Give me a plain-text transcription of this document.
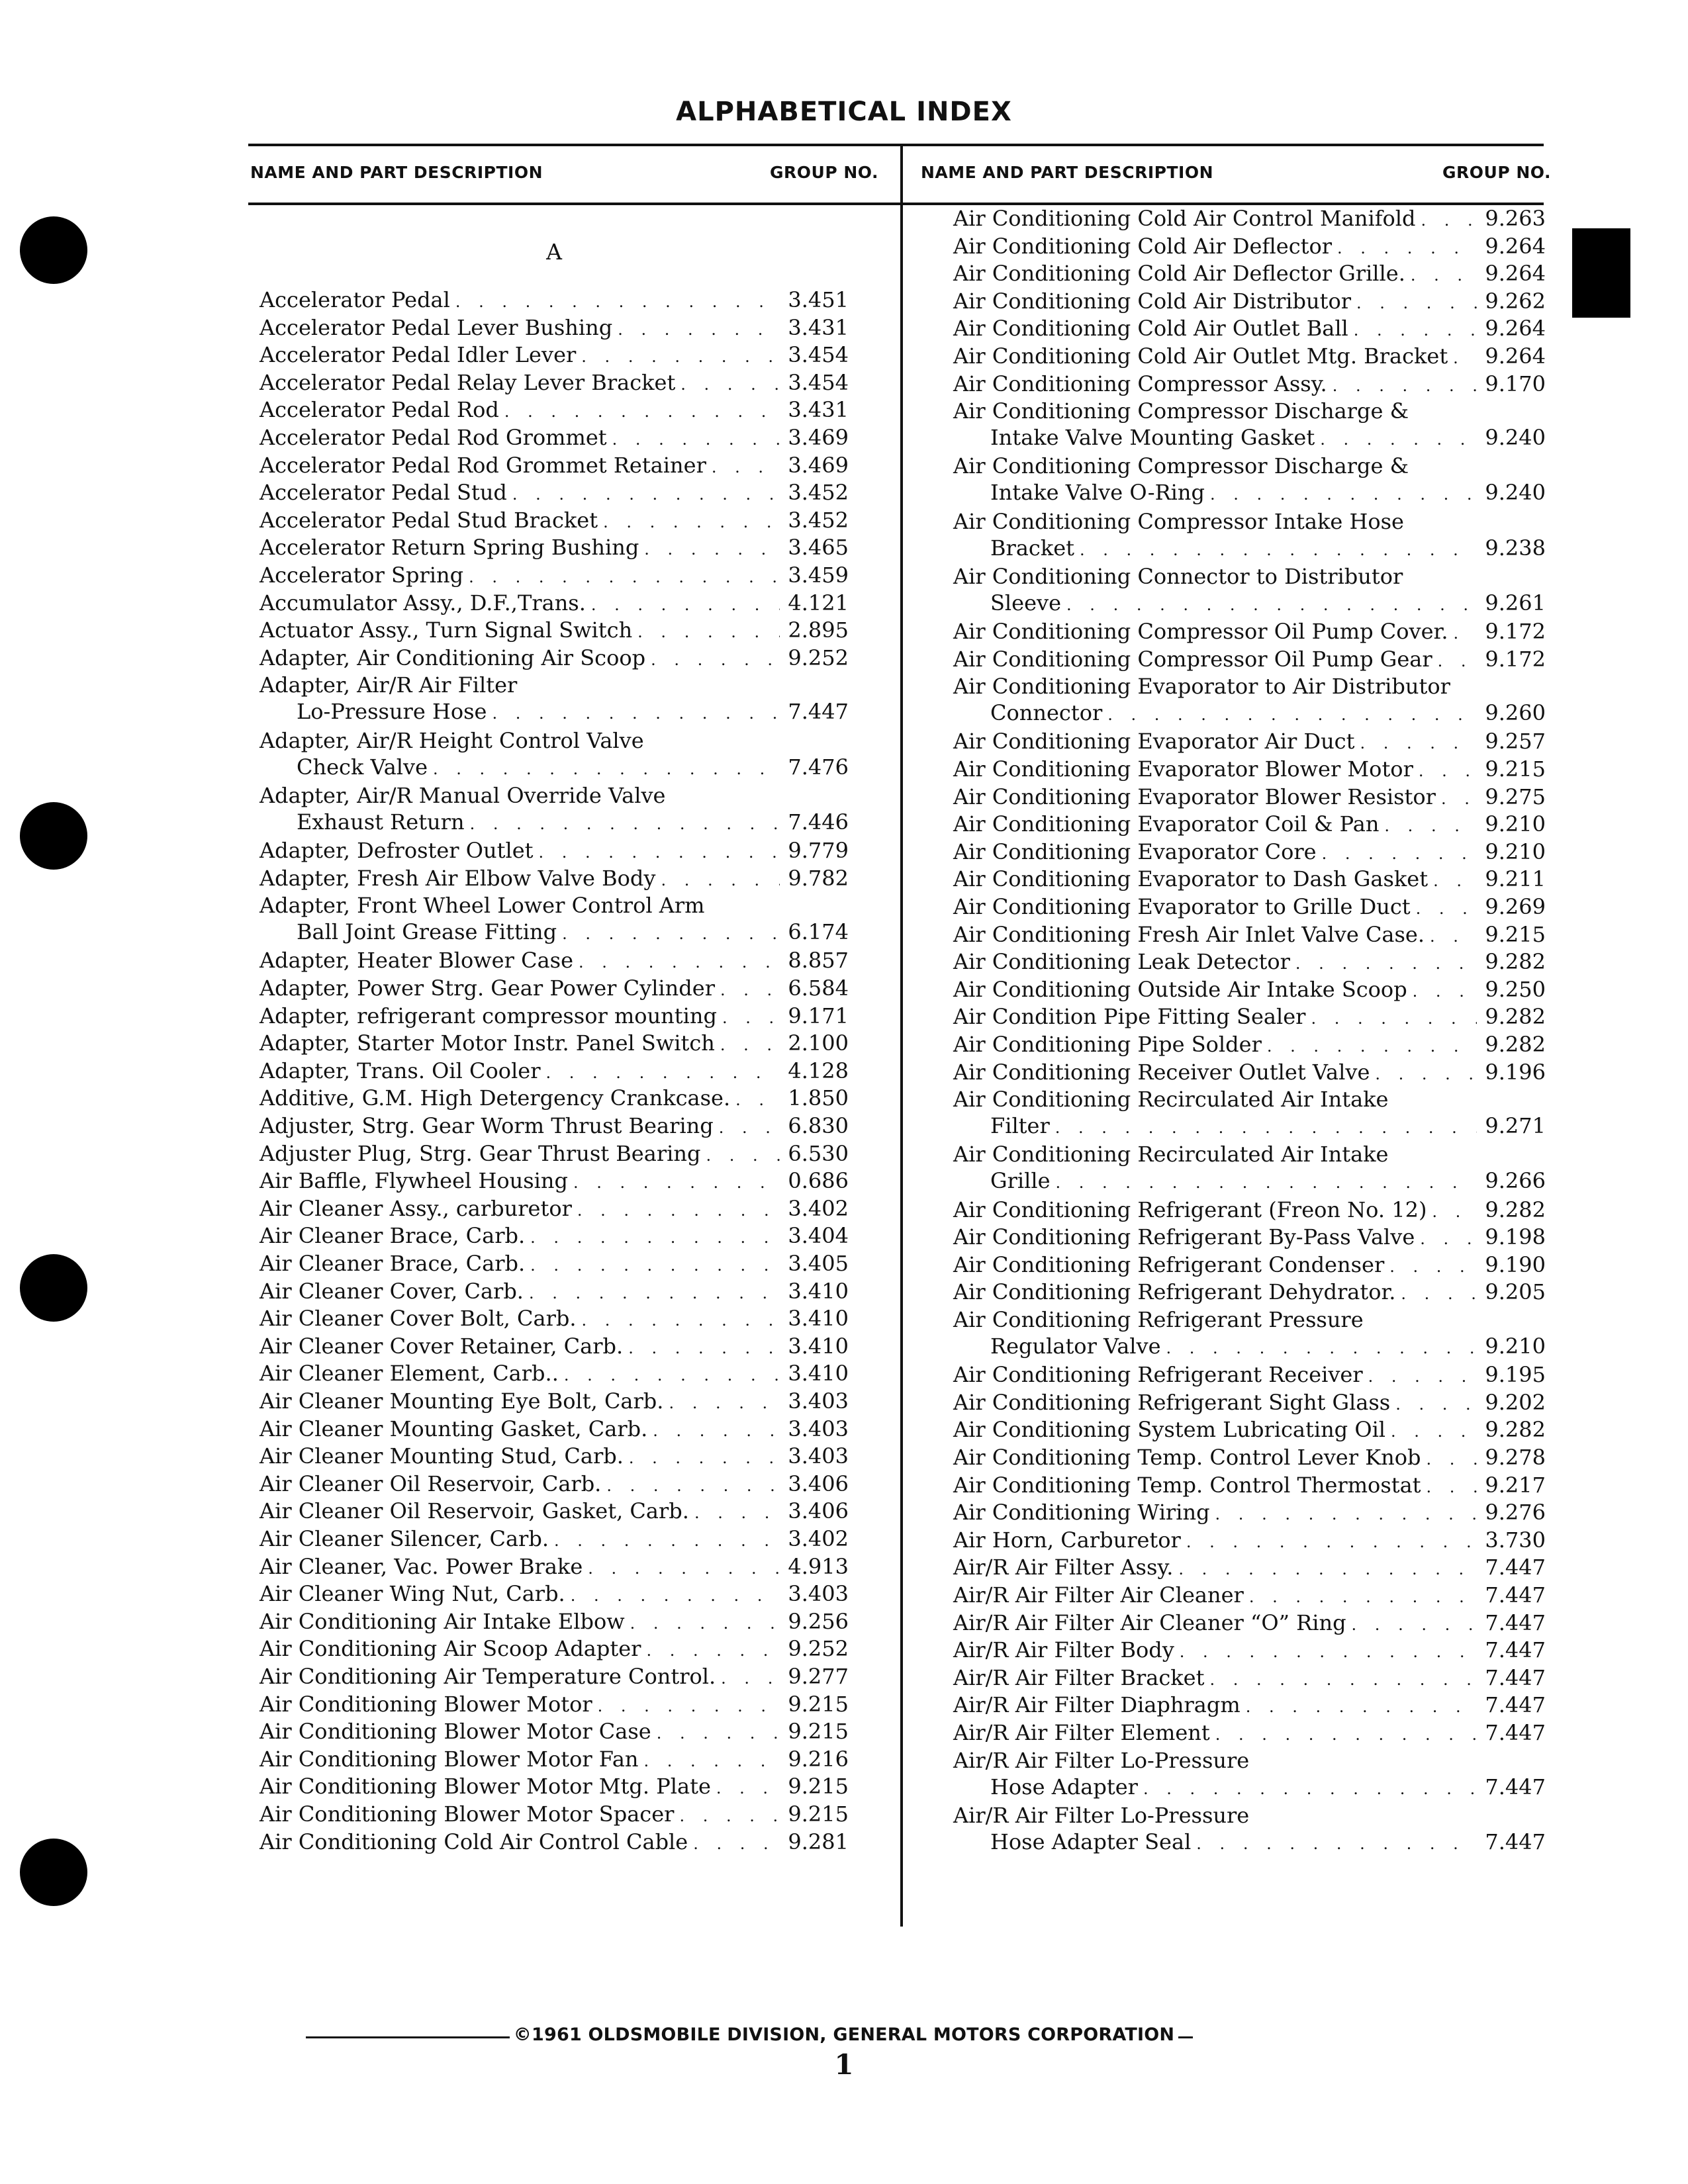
ALPHABETICAL INDEX
NAME AND PART DESCRIPTION	GROUP NO.	NAME AND PART DESCRIPTION	GROUP NO.

A

Accelerator Pedal . . .	3.451
Accelerator Pedal Lever Bushing . . .	3.431
Accelerator Pedal Idler Lever . . .	3.454
Accelerator Pedal Relay Lever Bracket . . .	3.454
Accelerator Pedal Rod . . .	3.431
Accelerator Pedal Rod Grommet . . .	3.469
Accelerator Pedal Rod Grommet Retainer . . .	3.469
Accelerator Pedal Stud . . .	3.452
Accelerator Pedal Stud Bracket . . .	3.452
Accelerator Return Spring Bushing . . .	3.465
Accelerator Spring . . .	3.459
Accumulator Assy., D.F.,Trans. . . .	4.121
Actuator Assy., Turn Signal Switch . . .	2.895
Adapter, Air Conditioning Air Scoop . . .	9.252
Adapter, Air/R Air Filter
Lo-Pressure Hose . . .	7.447
Adapter, Air/R Height Control Valve
Check Valve . . .	7.476
Adapter, Air/R Manual Override Valve
Exhaust Return . . .	7.446
Adapter, Defroster Outlet . . .	9.779
Adapter, Fresh Air Elbow Valve Body . . .	9.782
Adapter, Front Wheel Lower Control Arm
Ball Joint Grease Fitting . . .	6.174
Adapter, Heater Blower Case . . .	8.857
Adapter, Power Strg. Gear Power Cylinder . . .	6.584
Adapter, refrigerant compressor mounting . . .	9.171
Adapter, Starter Motor Instr. Panel Switch . . .	2.100
Adapter, Trans. Oil Cooler . . .	4.128
Additive, G.M. High Detergency Crankcase. . . .	1.850
Adjuster, Strg. Gear Worm Thrust Bearing . . .	6.830
Adjuster Plug, Strg. Gear Thrust Bearing . . .	6.530
Air Baffle, Flywheel Housing . . .	0.686
Air Cleaner Assy., carburetor . . .	3.402
Air Cleaner Brace, Carb. . . .	3.404
Air Cleaner Brace, Carb. . . .	3.405
Air Cleaner Cover, Carb. . . .	3.410
Air Cleaner Cover Bolt, Carb. . . .	3.410
Air Cleaner Cover Retainer, Carb. . . .	3.410
Air Cleaner Element, Carb.. . . .	3.410
Air Cleaner Mounting Eye Bolt, Carb. . . .	3.403
Air Cleaner Mounting Gasket, Carb. . . .	3.403
Air Cleaner Mounting Stud, Carb. . . .	3.403
Air Cleaner Oil Reservoir, Carb. . . .	3.406
Air Cleaner Oil Reservoir, Gasket, Carb. . . .	3.406
Air Cleaner Silencer, Carb. . . .	3.402
Air Cleaner, Vac. Power Brake . . .	4.913
Air Cleaner Wing Nut, Carb. . . .	3.403
Air Conditioning Air Intake Elbow . . .	9.256
Air Conditioning Air Scoop Adapter . . .	9.252
Air Conditioning Air Temperature Control. . . .	9.277
Air Conditioning Blower Motor . . .	9.215
Air Conditioning Blower Motor Case . . .	9.215
Air Conditioning Blower Motor Fan . . .	9.216
Air Conditioning Blower Motor Mtg. Plate . . .	9.215
Air Conditioning Blower Motor Spacer . . .	9.215
Air Conditioning Cold Air Control Cable . . .	9.281
Air Conditioning Cold Air Control Manifold . . .	9.263
Air Conditioning Cold Air Deflector . . .	9.264
Air Conditioning Cold Air Deflector Grille. . . .	9.264
Air Conditioning Cold Air Distributor . . .	9.262
Air Conditioning Cold Air Outlet Ball . . .	9.264
Air Conditioning Cold Air Outlet Mtg. Bracket . . . 9.264
Air Conditioning Compressor Assy. . . .	9.170
Air Conditioning Compressor Discharge &
Intake Valve Mounting Gasket . . .	9.240
Air Conditioning Compressor Discharge &
Intake Valve O-Ring . . .	9.240
Air Conditioning Compressor Intake Hose
Bracket . . .	9.238
Air Conditioning Connector to Distributor
Sleeve . . .	9.261
Air Conditioning Compressor Oil Pump Cover. . . . 9.172
Air Conditioning Compressor Oil Pump Gear . . . 9.172
Air Conditioning Evaporator to Air Distributor
Connector . . .	9.260
Air Conditioning Evaporator Air Duct . . .	9.257
Air Conditioning Evaporator Blower Motor . . .	9.215
Air Conditioning Evaporator Blower Resistor . . . 9.275
Air Conditioning Evaporator Coil & Pan . . .	9.210
Air Conditioning Evaporator Core . . .	9.210
Air Conditioning Evaporator to Dash Gasket . . .	9.211
Air Conditioning Evaporator to Grille Duct . . .	9.269
Air Conditioning Fresh Air Inlet Valve Case. . . .	9.215
Air Conditioning Leak Detector . . .	9.282
Air Conditioning Outside Air Intake Scoop . . .	9.250
Air Condition Pipe Fitting Sealer . . .	9.282
Air Conditioning Pipe Solder . . .	9.282
Air Conditioning Receiver Outlet Valve . . .	9.196
Air Conditioning Recirculated Air Intake
Filter . . .	9.271
Air Conditioning Recirculated Air Intake
Grille . . .	9.266
Air Conditioning Refrigerant (Freon No. 12) . . .	9.282
Air Conditioning Refrigerant By-Pass Valve . . .	9.198
Air Conditioning Refrigerant Condenser . . .	9.190
Air Conditioning Refrigerant Dehydrator. . . .	9.205
Air Conditioning Refrigerant Pressure
Regulator Valve . . .	9.210
Air Conditioning Refrigerant Receiver . . .	9.195
Air Conditioning Refrigerant Sight Glass . . .	9.202
Air Conditioning System Lubricating Oil . . .	9.282
Air Conditioning Temp. Control Lever Knob . . .	9.278
Air Conditioning Temp. Control Thermostat . . .	9.217
Air Conditioning Wiring . . .	9.276
Air Horn, Carburetor . . .	3.730
Air/R Air Filter Assy. . . .	7.447
Air/R Air Filter Air Cleaner . . .	7.447
Air/R Air Filter Air Cleaner “O” Ring . . .	7.447
Air/R Air Filter Body . . .	7.447
Air/R Air Filter Bracket . . .	7.447
Air/R Air Filter Diaphragm . . .	7.447
Air/R Air Filter Element . . .	7.447
Air/R Air Filter Lo-Pressure
Hose Adapter . . .	7.447
Air/R Air Filter Lo-Pressure
Hose Adapter Seal . . .	7.447

©1961 OLDSMOBILE DIVISION, GENERAL MOTORS CORPORATION

1
